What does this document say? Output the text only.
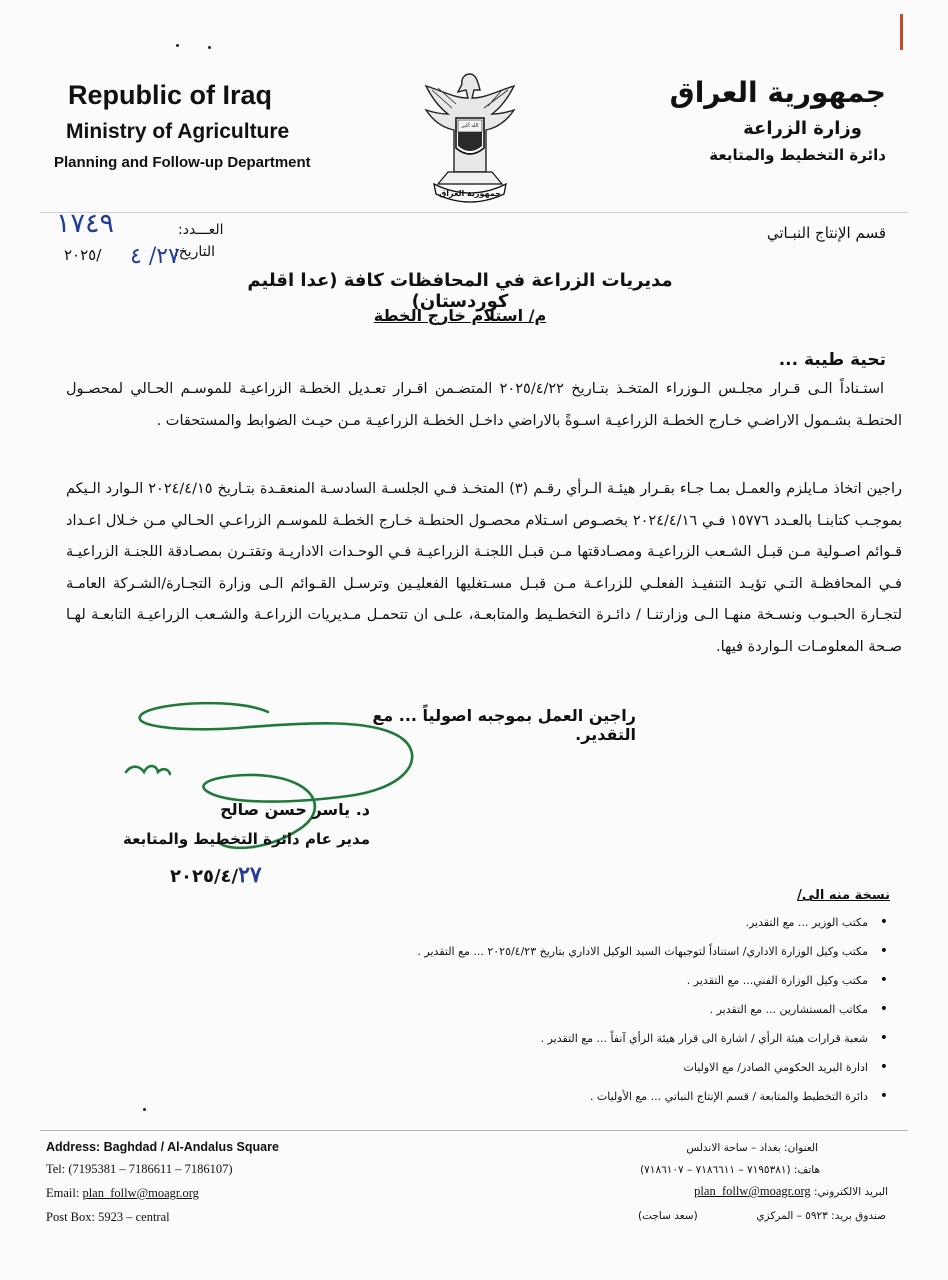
Republic of Iraq
Ministry of Agriculture
Planning and Follow-up Department
جمهورية العراق
الله أكبر
جمهورية العراق
وزارة الزراعة
دائرة التخطيط والمتابعة
قسم الإنتاج النبـاتي
العـــدد:
١٧٤٩
التاريخ:
٢٧/ ٤
٢٠٢٥/
مديريات الزراعة في المحافظات كافة (عدا اقليم كوردستان)
م/ استلام خارج الخطة
تحية طيبة ...
استـناداً الـى قـرار مجلـس الـوزراء المتخـذ بتـاريخ ٢٠٢٥/٤/٢٢ المتضـمن اقـرار تعـديل الخطـة الزراعيـة للموسـم الحـالي لمحصـول الحنطـة بشـمول الاراضـي خـارج الخطـة الزراعيـة اسـوةً بالاراضي داخـل الخطـة الزراعيـة مـن حيـث الضوابط والمستحقات .
راجين اتخاذ مـايلزم والعمـل بمـا جـاء بقـرار هيئـة الـرأي رقـم (٣) المتخـذ فـي الجلسـة السادسـة المنعقـدة بتـاريخ ٢٠٢٤/٤/١٥ الـوارد الـيكم بموجـب كتابنـا بالعـدد ١٥٧٧٦ فـي ٢٠٢٤/٤/١٦ بخصـوص اسـتلام محصـول الحنطـة خـارج الخطـة للموسـم الزراعـي الحـالي مـن خـلال اعـداد قـوائم اصـولية مـن قبـل الشـعب الزراعيـة ومصـادقتها مـن قبـل اللجنـة الزراعيـة فـي الوحـدات الاداريـة وتقتـرن بمصـادقة اللجنـة الزراعيـة فـي المحافظـة التـي تؤيـد التنفيـذ الفعلـي للزراعـة مـن قبـل مسـتغليها الفعليـين وترسـل القـوائم الـى وزارة التجـارة/الشـركة العامـة لتجـارة الحبـوب ونسـخة منهـا الـى وزارتنـا / دائـرة التخطـيط والمتابعـة، علـى ان تتحمـل مـديريات الزراعـة والشـعب الزراعيـة التابعـة لهـا صـحة المعلومـات الـواردة فيها.
راجين العمل بموجبه اصولياً ... مع التقدير.
د. ياسر حسن صالح
مدير عام دائرة التخطيط والمتابعة
٢٠٢٥/٤/٢٧
نسخة منه الى/
• مكتب الوزير ... مع التقدير.
• مكتب وكيل الوزارة الاداري/ استناداً لتوجيهات السيد الوكيل الاداري بتاريخ ٢٠٢٥/٤/٢٣ ... مع التقدير .
• مكتب وكيل الوزارة الفني... مع التقدير .
• مكاتب المستشارين ... مع التقدير .
• شعبة قرارات هيئة الرأي / اشارة الى قرار هيئة الرأي آنفاً ... مع التقدير .
• ادارة البريد الحكومي الصادر/ مع الاوليات
• دائرة التخطيط والمتابعة / قسم الإنتاج النباتي ... مع الأوليات .
Address: Baghdad / Al-Andalus Square
Tel: (7195381 – 7186611 – 7186107)
Email: plan_follw@moagr.org
Post Box: 5923 – central
العنوان: بغداد – ساحة الاندلس
هاتف: (٧١٩٥٣٨١ – ٧١٨٦٦١١ – ٧١٨٦١٠٧)
البريد الالكتروني: plan_follw@moagr.org
صندوق بريد: ٥٩٢٣ – المركزي
(سعد ساجت)
